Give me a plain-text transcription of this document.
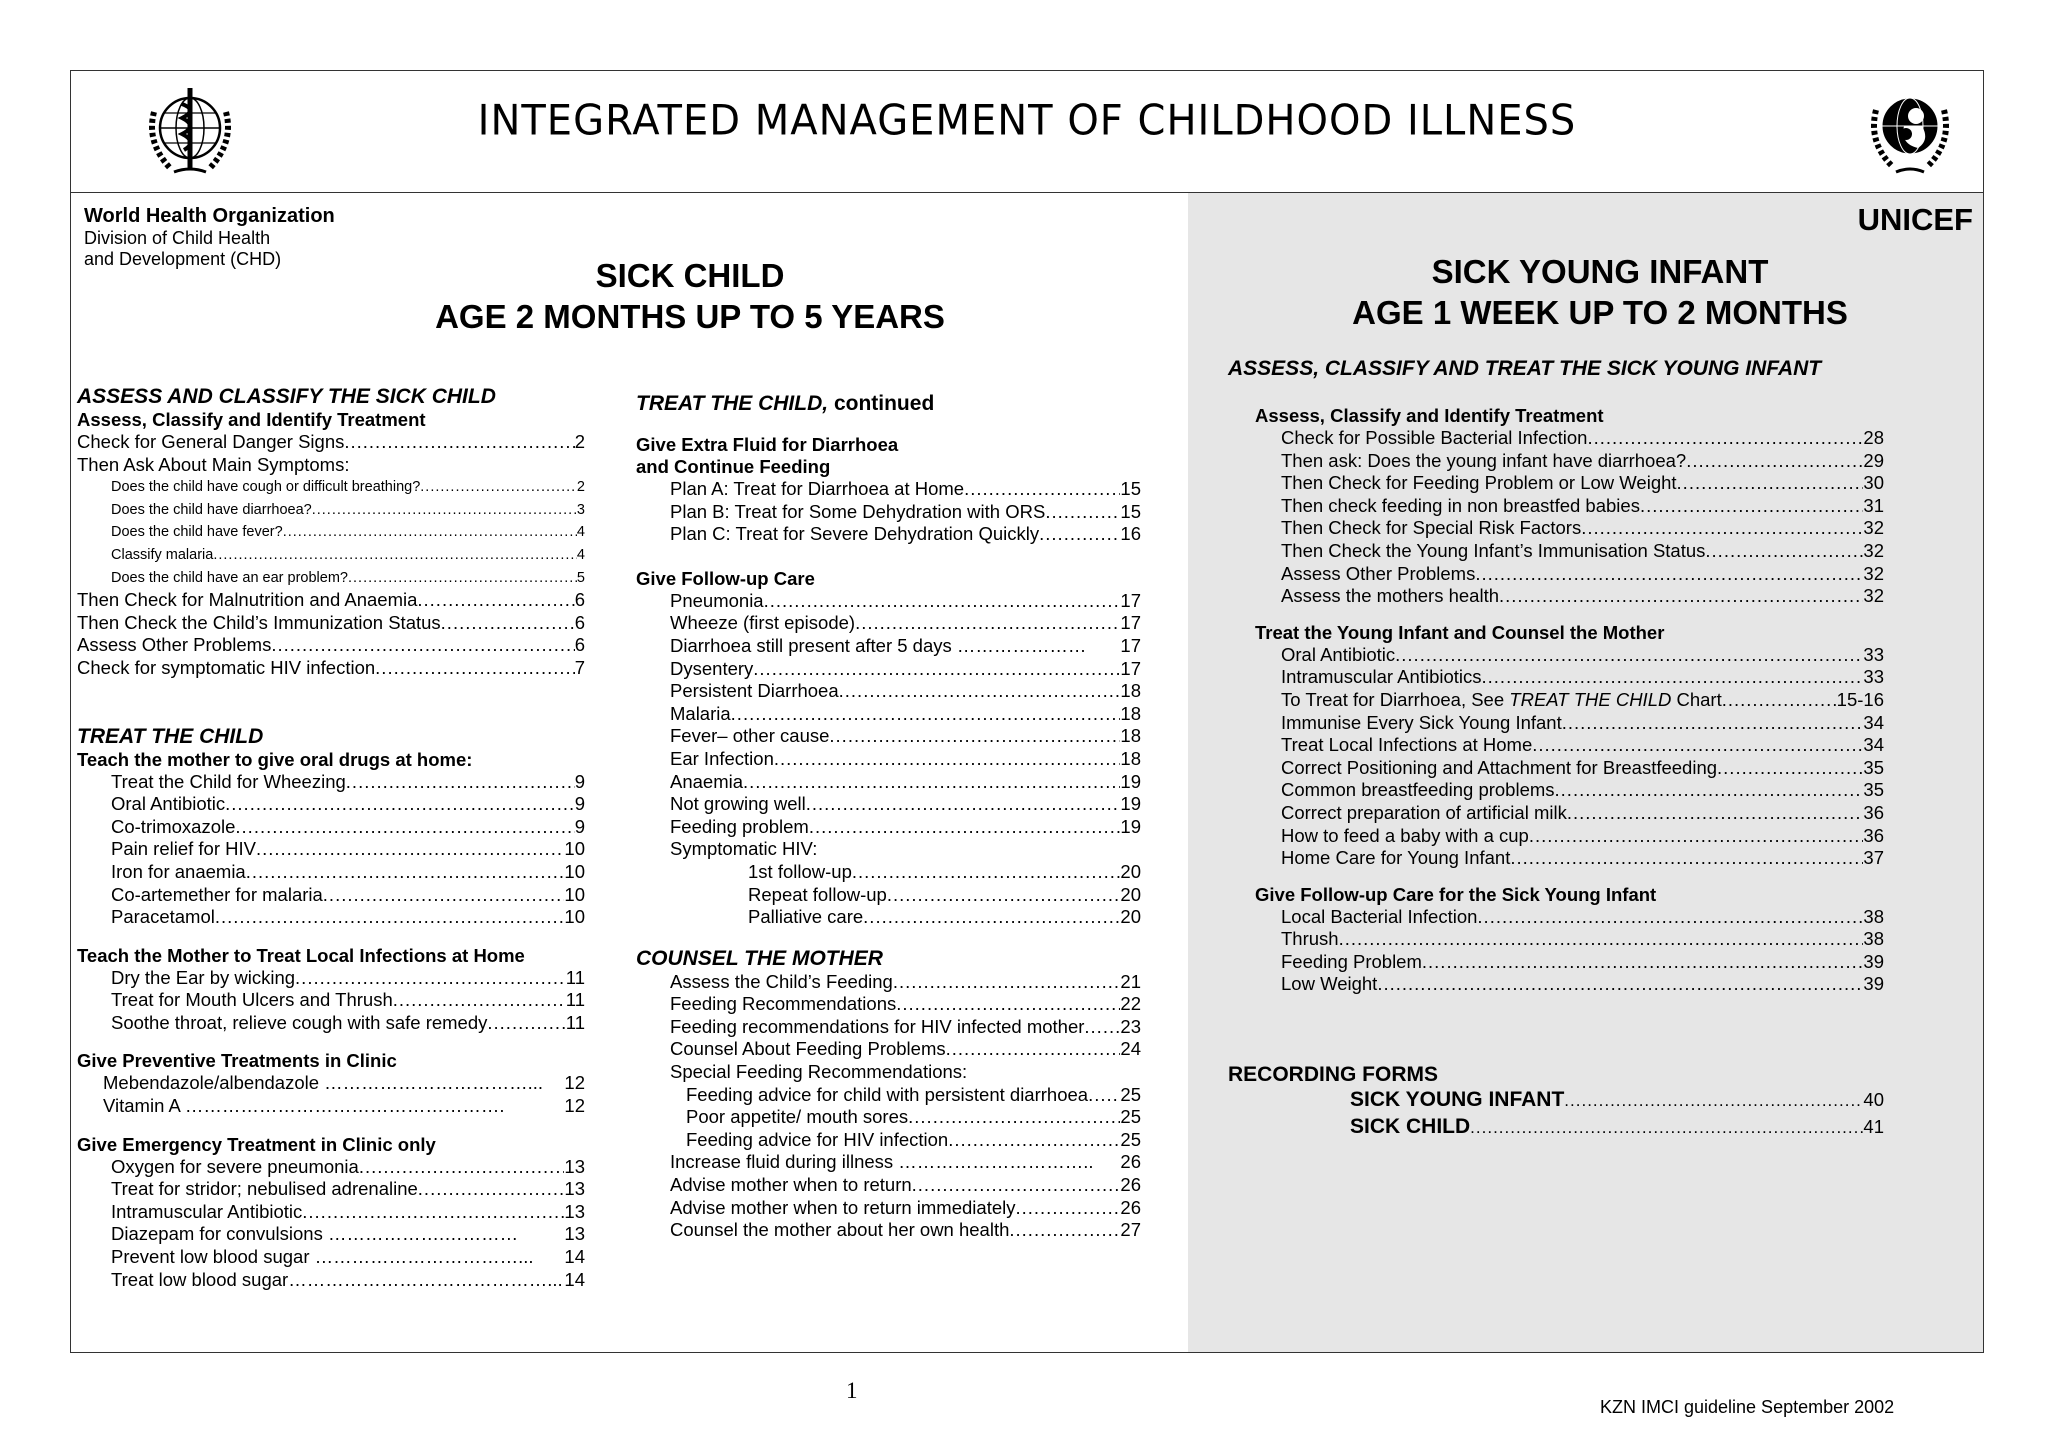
INTEGRATED MANAGEMENT OF CHILDHOOD ILLNESS
World Health Organization
Division of Child Health
and Development (CHD)
UNICEF
SICK CHILD
AGE 2 MONTHS UP TO 5 YEARS
SICK YOUNG INFANT
AGE 1 WEEK UP TO 2 MONTHS
ASSESS, CLASSIFY AND TREAT THE SICK YOUNG INFANT
ASSESS AND CLASSIFY THE SICK CHILD
Assess, Classify and Identify Treatment
Check for General Danger Signs .....	2
Then Ask About Main Symptoms:
Does the child have cough or difficult breathing? .....	2
Does the child have diarrhoea? .....	3
Does the child have fever? .....	4
Classify malaria .....	4
Does the child have an ear problem? .....	5
Then Check for Malnutrition and Anaemia .....	6
Then Check the Child’s Immunization Status .....	6
Assess Other Problems .....	6
Check for symptomatic HIV infection .....	7
TREAT THE CHILD
Teach the mother to give oral drugs at home:
Treat the Child for Wheezing .....	9
Oral Antibiotic .....	9
Co-trimoxazole .....	9
Pain relief for HIV .....	10
Iron for anaemia .....	10
Co-artemether for malaria .....	10
Paracetamol .....	10
Teach the Mother to Treat Local Infections at Home
Dry the Ear by wicking .....	11
Treat for Mouth Ulcers and Thrush .....	11
Soothe throat, relieve cough with safe remedy .....	11
Give Preventive Treatments in Clinic
Mebendazole/albendazole ……………………………... 12
Vitamin A …………………………………………….	12
Give Emergency Treatment in Clinic only
Oxygen for severe pneumonia .....	13
Treat for stridor; nebulised adrenaline .....	13
Intramuscular Antibiotic .....	13
Diazepam for convulsions ……………….…………	13
Prevent low blood sugar ……………………………... 14
Treat low blood sugar……………………………………... 14
TREAT THE CHILD, continued
Give Extra Fluid for Diarrhoea
and Continue Feeding
Plan A: Treat for Diarrhoea at Home .....	15
Plan B: Treat for Some Dehydration with ORS .....	15
Plan C: Treat for Severe Dehydration Quickly .....	16
Give Follow-up Care
Pneumonia .....	17
Wheeze (first episode) .....	17
Diarrhoea still present after 5 days ………………… 17
Dysentery .....	17
Persistent Diarrhoea .....	18
Malaria .....	18
Fever– other cause .....	18
Ear Infection .....	18
Anaemia .....	19
Not growing well .....	19
Feeding problem .....	19
Symptomatic HIV:
1st follow-up .....	20
Repeat follow-up .....	20
Palliative care .....	20
COUNSEL THE MOTHER
Assess the Child’s Feeding .....	21
Feeding Recommendations .....	22
Feeding recommendations for HIV infected mother ..... 23
Counsel About Feeding Problems .....	24
Special Feeding Recommendations:
Feeding advice for child with persistent diarrhoea ..... 25
Poor appetite/ mouth sores .....	25
Feeding advice for HIV infection .....	25
Increase fluid during illness ………………………….. 26
Advise mother when to return .....	26
Advise mother when to return immediately .....	26
Counsel the mother about her own health .....	27
Assess, Classify and Identify Treatment
Check for Possible Bacterial Infection .....	28
Then ask: Does the young infant have diarrhoea? .....	29
Then Check for Feeding Problem or Low Weight .....	30
Then check feeding in non breastfed babies .....	31
Then Check for Special Risk Factors .....	32
Then Check the Young Infant’s Immunisation Status .....	32
Assess Other Problems .....	32
Assess the mothers health .....	32
Treat the Young Infant and Counsel the Mother
Oral Antibiotic .....	33
Intramuscular Antibiotics .....	33
To Treat for Diarrhoea, See TREAT THE CHILD Chart .....	15-16
Immunise Every Sick Young Infant .....	34
Treat Local Infections at Home .....	34
Correct Positioning and Attachment for Breastfeeding .....	35
Common breastfeeding problems .....	35
Correct preparation of artificial milk .....	36
How to feed a baby with a cup .....	36
Home Care for Young Infant .....	37
Give Follow-up Care for the Sick Young Infant
Local Bacterial Infection .....	38
Thrush .....	38
Feeding Problem .....	39
Low Weight .....	39
RECORDING FORMS
SICK YOUNG INFANT .....	40
SICK CHILD .....	41
1
KZN IMCI guideline September 2002
